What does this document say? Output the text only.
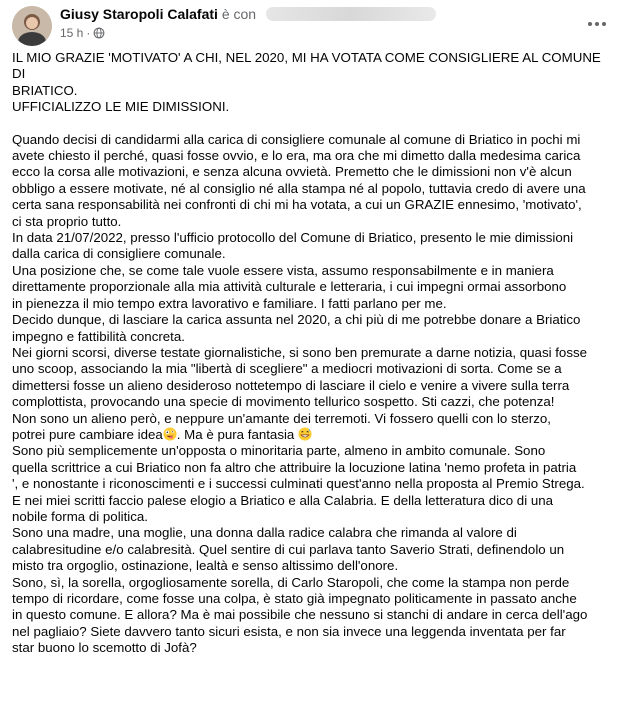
Giusy Staropoli Calafati è con
15 h ·

IL MIO GRAZIE 'MOTIVATO' A CHI, NEL 2020, MI HA VOTATA COME CONSIGLIERE AL COMUNE DI

BRIATICO.

UFFICIALIZZO LE MIE DIMISSIONI.

Quando decisi di candidarmi alla carica di consigliere comunale al comune di Briatico in pochi mi

avete chiesto il perché, quasi fosse ovvio, e lo era, ma ora che mi dimetto dalla medesima carica

ecco la corsa alle motivazioni, e senza alcuna ovvietà. Premetto che le dimissioni non v'è alcun

obbligo a essere motivate, né al consiglio né alla stampa né al popolo, tuttavia credo di avere una

certa sana responsabilità nei confronti di chi mi ha votata, a cui un GRAZIE ennesimo, 'motivato',

ci sta proprio tutto.

In data 21/07/2022, presso l'ufficio protocollo del Comune di Briatico, presento le mie dimissioni

dalla carica di consigliere comunale.

Una posizione che, se come tale vuole essere vista, assumo responsabilmente e in maniera

direttamente proporzionale alla mia attività culturale e letteraria, i cui impegni ormai assorbono

in pienezza il mio tempo extra lavorativo e familiare. I fatti parlano per me.

Decido dunque, di lasciare la carica assunta nel 2020, a chi più di me potrebbe donare a Briatico

impegno e fattibilità concreta.

Nei giorni scorsi, diverse testate giornalistiche, si sono ben premurate a darne notizia, quasi fosse

uno scoop, associando la mia "libertà di scegliere" a mediocri motivazioni di sorta. Come se a

dimettersi fosse un alieno desideroso nottetempo di lasciare il cielo e venire a vivere sulla terra

complottista, provocando una specie di movimento tellurico sospetto. Sti cazzi, che potenza!

Non sono un alieno però, e neppure un'amante dei terremoti. Vi fossero quelli con lo sterzo,

potrei pure cambiare idea . Ma è pura fantasia

Sono più semplicemente un'opposta o minoritaria parte, almeno in ambito comunale. Sono

quella scrittrice a cui Briatico non fa altro che attribuire la locuzione latina 'nemo profeta in patria

', e nonostante i riconoscimenti e i successi culminati quest'anno nella proposta al Premio Strega.

E nei miei scritti faccio palese elogio a Briatico e alla Calabria. E della letteratura dico di una

nobile forma di politica.

Sono una madre, una moglie, una donna dalla radice calabra che rimanda al valore di

calabresitudine e/o calabresità. Quel sentire di cui parlava tanto Saverio Strati, definendolo un

misto tra orgoglio, ostinazione, lealtà e senso altissimo dell'onore.

Sono, sì, la sorella, orgogliosamente sorella, di Carlo Staropoli, che come la stampa non perde

tempo di ricordare, come fosse una colpa, è stato già impegnato politicamente in passato anche

in questo comune. E allora? Ma è mai possibile che nessuno si stanchi di andare in cerca dell'ago

nel pagliaio? Siete davvero tanto sicuri esista, e non sia invece una leggenda inventata per far

star buono lo scemotto di Jofà?
